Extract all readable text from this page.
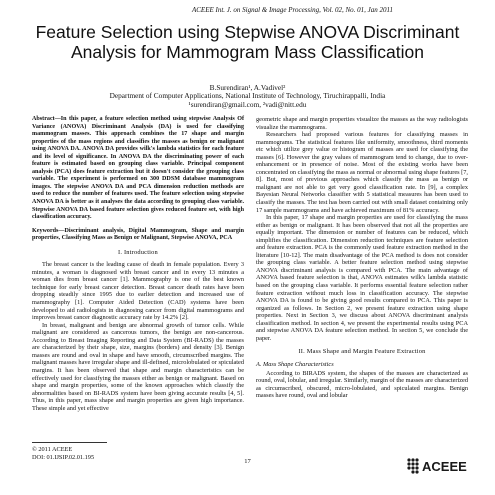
ACEEE Int. J. on Signal & Image Processing, Vol. 02, No. 01, Jan 2011
Feature Selection using Stepwise ANOVA Discriminant Analysis for Mammogram Mass Classification
B.Surendiran¹, A.Vadivel²
Department of Computer Applications, National Institute of Technology, Tiruchirappalli, India
¹surendiran@gmail.com, ²vadi@nitt.edu

Abstract—In this paper, a feature selection method using stepwise Analysis Of Variance (ANOVA) Discriminant Analysis (DA) is used for classifying mammogram masses. This approach combines the 17 shape and margin properties of the mass regions and classifies the masses as benign or malignant using ANOVA DA. ANOVA DA provides wilk's lambda statistics for each feature and its level of significance. In ANOVA DA the discriminating power of each feature is estimated based on grouping class variable. Principal component analysis (PCA) does feature extraction but it doesn't consider the grouping class variable. The experiment is performed on 300 DDSM database mammogram images. The stepwise ANOVA DA and PCA dimension reduction methods are used to reduce the number of features used. The feature selection using stepwise ANOVA DA is better as it analyses the data according to grouping class variable. Stepwise ANOVA DA based feature selection gives reduced feature set, with high classification accuracy.

Keywords—Discriminant analysis, Digital Mammogram, Shape and margin properties, Classifying Mass as Benign or Malignant, Stepwise ANOVA, PCA

I. Introduction

The breast cancer is the leading cause of death in female population. Every 3 minutes, a woman is diagnosed with breast cancer and in every 13 minutes a woman dies from breast cancer [1]. Mammography is one of the best known technique for early breast cancer detection. Breast cancer death rates have been dropping steadily since 1995 due to earlier detection and increased use of mammography [1]. Computer Aided Detection (CAD) systems have been developed to aid radiologists in diagnosing cancer from digital mammograms and improves breast cancer diagnostic accuracy rate by 14.2% [2].

In breast, malignant and benign are abnormal growth of tumor cells. While malignant are considered as cancerous tumors, the benign are non-cancerous. According to Breast Imaging Reporting and Data System (BI-RADS) the masses are characterized by their shape, size, margins (borders) and density [3]. Benign masses are round and oval in shape and have smooth, circumscribed margins. The malignant masses have irregular shape and ill-defined, microlobulated or spiculated margins. It has been observed that shape and margin characteristics can be effectively used for classifying the masses either as benign or malignant. Based on shape and margin properties, some of the known approaches which classify the abnormalities based on BI-RADS system have been giving accurate results [4, 5]. Thus, in this paper, mass shape and margin properties are given high importance. These simple and yet effective

geometric shape and margin properties visualize the masses as the way radiologists visualize the mammograms.

Researchers had proposed various features for classifying masses in mammograms. The statistical features like uniformity, smoothness, third moments etc which utilize grey value or histogram of masses are used for classifying the masses [6]. However the gray values of mammogram tend to change, due to over-enhancement or in presence of noise. Most of the existing works have been concentrated on classifying the mass as normal or abnormal using shape features [7, 8]. But, most of previous approaches which classify the mass as benign or malignant are not able to get very good classification rate. In [9], a complex Bayesian Neural Networks classifier with 5 statistical measures has been used to classify the masses. The test has been carried out with small dataset containing only 17 sample mammograms and have achieved maximum of 81% accuracy.

In this paper, 17 shape and margin properties are used for classifying the mass either as benign or malignant. It has been observed that not all the properties are equally important. The dimension or number of features can be reduced, which simplifies the classification. Dimension reduction techniques are feature selection and feature extraction. PCA is the commonly used feature extraction method in the literature [10-12]. The main disadvantage of the PCA method is does not consider the grouping class variable. A better feature selection method using stepwise ANOVA discriminant analysis is compared with PCA. The main advantage of ANOVA based feature selection is that, ANOVA estimates wilk's lambda statistic based on the grouping class variable. It performs essential feature selection rather feature extraction without much loss in classification accuracy. The stepwise ANOVA DA is found to be giving good results compared to PCA. This paper is organized as follows. In Section 2, we present feature extraction using shape properties. Next in Section 3, we discuss about ANOVA discriminant analysis classification method. In section 4, we present the experimental results using PCA and stepwise ANOVA DA feature selection method. In section 5, we conclude the paper.

II. Mass Shape and Margin Feature Extraction

A. Mass Shape Characteristics

According to BIRADS system, the shapes of the masses are characterized as round, oval, lobular, and irregular. Similarly, margin of the masses are characterized as circumscribed, obscured, micro-lobulated, and spiculated margins. Benign masses have round, oval and lobular

© 2011 ACEEE
DOI: 01.IJSIP.02.01.195
17	ACEEE
